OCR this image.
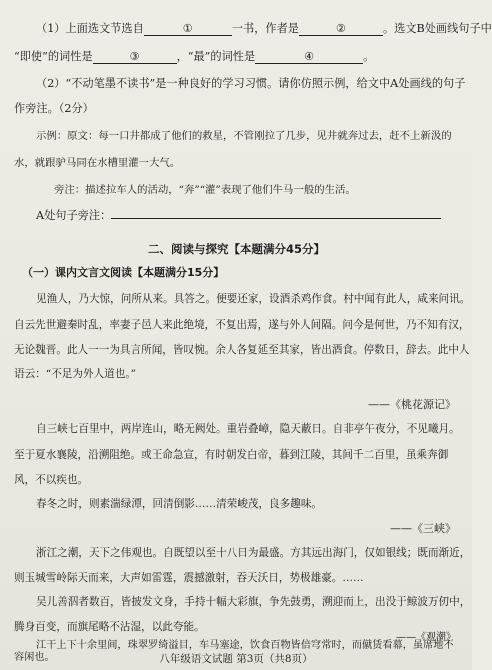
（1）上面选文节选自	①	一书，作者是	②	。选文B处画线句子中
“即使”的词性是	③	，“最”的词性是	④	。
（2）“不动笔墨不读书”是一种良好的学习习惯。请你仿照示例，给文中A处画线的句子
作旁注。（2分）
示例：原文：每一口井都成了他们的救星，不管刚拉了几步，见井就奔过去，赶不上新汲的
水，就跟驴马同在水槽里灌一大气。
旁注：描述拉车人的活动，“奔”“灌”表现了他们牛马一般的生活。
A处句子旁注：
二、阅读与探究【本题满分45分】
（一）课内文言文阅读【本题满分15分】
见渔人，乃大惊，问所从来。具答之。便要还家，设酒杀鸡作食。村中闻有此人，咸来问讯。
自云先世避秦时乱，率妻子邑人来此绝境，不复出焉，遂与外人间隔。问今是何世，乃不知有汉，
无论魏晋。此人一一为具言所闻，皆叹惋。余人各复延至其家，皆出酒食。停数日，辞去。此中人
语云：“不足为外人道也。”
——《桃花源记》
自三峡七百里中，两岸连山，略无阙处。重岩叠嶂，隐天蔽日。自非亭午夜分，不见曦月。
至于夏水襄陵，沿溯阻绝。或王命急宣，有时朝发白帝，暮到江陵，其间千二百里，虽乘奔御
风，不以疾也。
春冬之时，则素湍绿潭，回清倒影……清荣峻茂，良多趣味。
——《三峡》
浙江之潮，天下之伟观也。自既望以至十八日为最盛。方其远出海门，仅如银线；既而渐近，
则玉城雪岭际天而来，大声如雷霆，震撼激射，吞天沃日，势极雄豪。……
吴儿善泅者数百，皆披发文身，手持十幅大彩旗，争先鼓勇，溯迎而上，出没于鲸波万仞中，
腾身百变，而旗尾略不沾湿，以此夸能。
江干上下十余里间，珠翠罗绮溢目，车马塞途，饮食百物皆倍穹常时，而僦赁看幕，虽席地不
容闲也。
——《观潮》
八年级语文试题 第3页（共8页）
